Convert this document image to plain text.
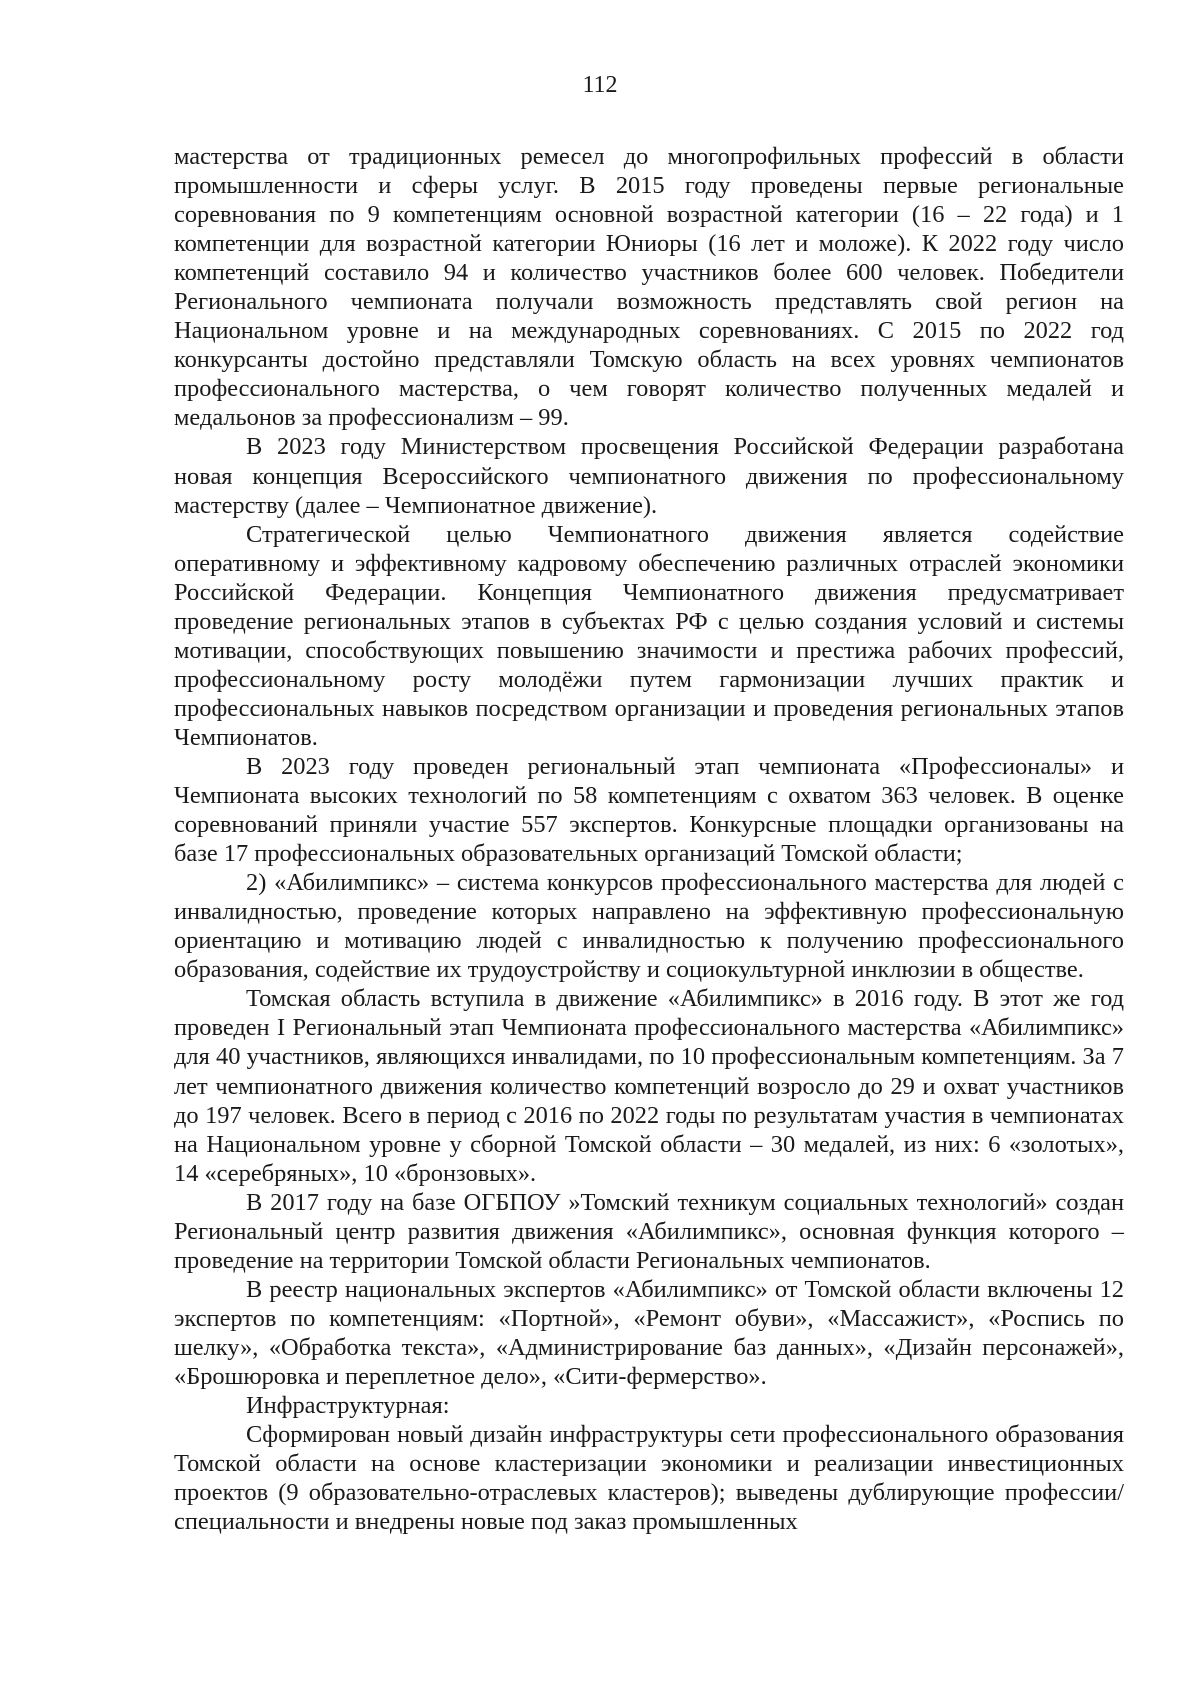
112

мастерства от традиционных ремесел до многопрофильных профессий в области промышленности и сферы услуг. В 2015 году проведены первые региональные соревнования по 9 компетенциям основной возрастной категории (16 – 22 года) и 1 компетенции для возрастной категории Юниоры (16 лет и моложе). К 2022 году число компетенций составило 94 и количество участников более 600 человек. Победители Регионального чемпионата получали возможность представлять свой регион на Национальном уровне и на международных соревнованиях. С 2015 по 2022 год конкурсанты достойно представляли Томскую область на всех уровнях чемпионатов профессионального мастерства, о чем говорят количество полученных медалей и медальонов за профессионализм – 99.

В 2023 году Министерством просвещения Российской Федерации разработана новая концепция Всероссийского чемпионатного движения по профессиональному мастерству (далее – Чемпионатное движение).

Стратегической целью Чемпионатного движения является содействие оперативному и эффективному кадровому обеспечению различных отраслей экономики Российской Федерации. Концепция Чемпионатного движения предусматривает проведение региональных этапов в субъектах РФ с целью создания условий и системы мотивации, способствующих повышению значимости и престижа рабочих профессий, профессиональному росту молодёжи путем гармонизации лучших практик и профессиональных навыков посредством организации и проведения региональных этапов Чемпионатов.

В 2023 году проведен региональный этап чемпионата «Профессионалы» и Чемпионата высоких технологий по 58 компетенциям с охватом 363 человек. В оценке соревнований приняли участие 557 экспертов. Конкурсные площадки организованы на базе 17 профессиональных образовательных организаций Томской области;

2) «Абилимпикс» – система конкурсов профессионального мастерства для людей с инвалидностью, проведение которых направлено на эффективную профессиональную ориентацию и мотивацию людей с инвалидностью к получению профессионального образования, содействие их трудоустройству и социокультурной инклюзии в обществе.

Томская область вступила в движение «Абилимпикс» в 2016 году. В этот же год проведен I Региональный этап Чемпионата профессионального мастерства «Абилимпикс» для 40 участников, являющихся инвалидами, по 10 профессиональным компетенциям. За 7 лет чемпионатного движения количество компетенций возросло до 29 и охват участников до 197 человек. Всего в период с 2016 по 2022 годы по результатам участия в чемпионатах на Национальном уровне у сборной Томской области – 30 медалей, из них: 6 «золотых», 14 «серебряных», 10 «бронзовых».

В 2017 году на базе ОГБПОУ »Томский техникум социальных технологий» создан Региональный центр развития движения «Абилимпикс», основная функция которого – проведение на территории Томской области Региональных чемпионатов.

В реестр национальных экспертов «Абилимпикс» от Томской области включены 12 экспертов по компетенциям: «Портной», «Ремонт обуви», «Массажист», «Роспись по шелку», «Обработка текста», «Администрирование баз данных», «Дизайн персонажей», «Брошюровка и переплетное дело», «Сити-фермерство».

Инфраструктурная:

Сформирован новый дизайн инфраструктуры сети профессионального образования Томской области на основе кластеризации экономики и реализации инвестиционных проектов (9 образовательно-отраслевых кластеров); выведены дублирующие профессии/специальности и внедрены новые под заказ промышленных
